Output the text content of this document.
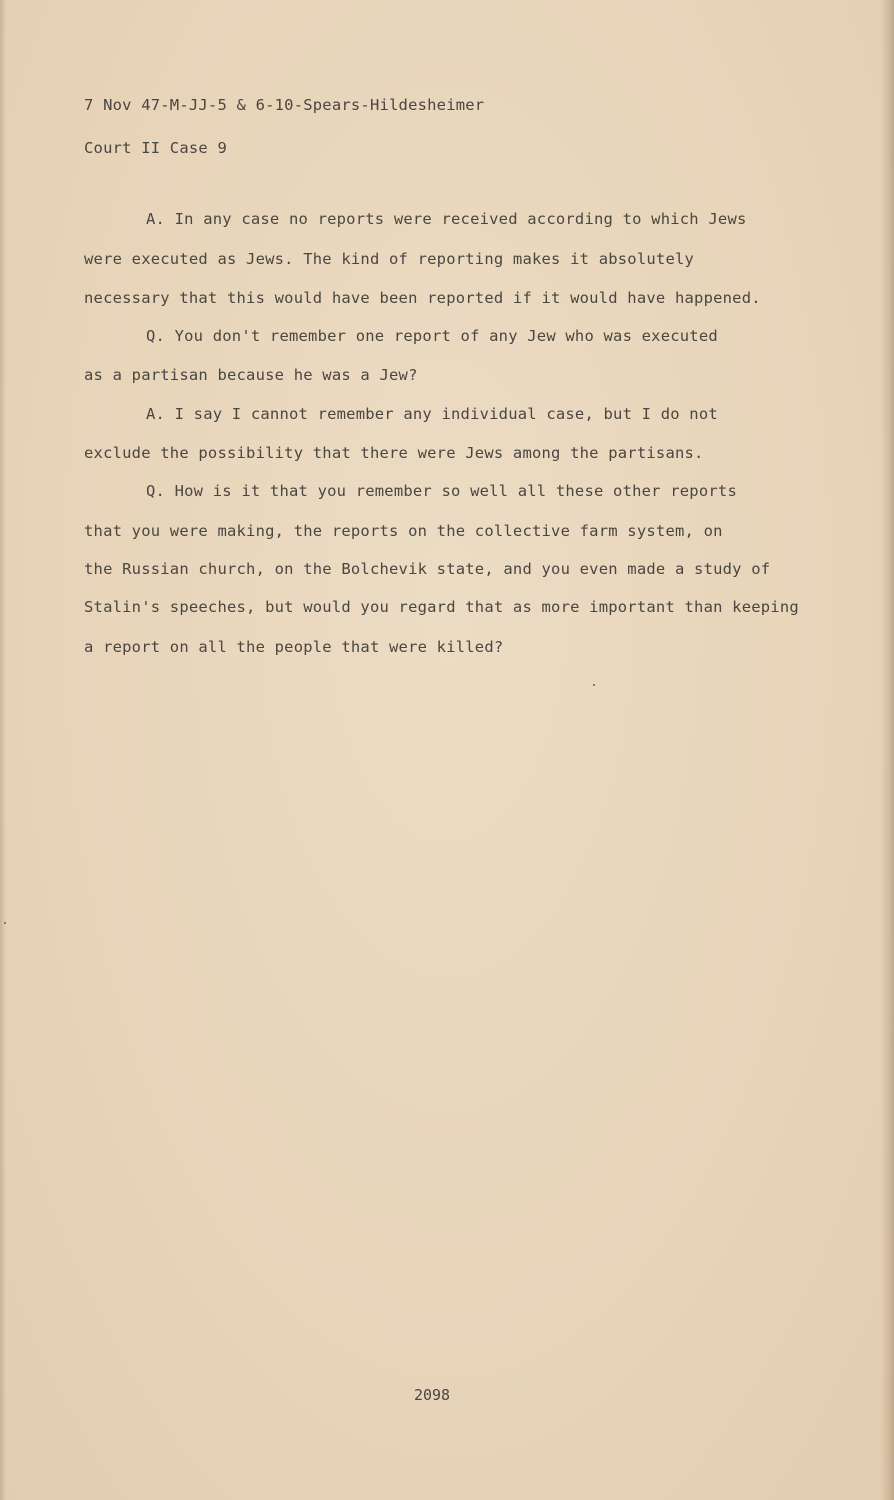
7 Nov 47-M-JJ-5 & 6-10-Spears-Hildesheimer
Court II Case 9
A. In any case no reports were received according to which Jews
were executed as Jews. The kind of reporting makes it absolutely
necessary that this would have been reported if it would have happened.
Q. You don't remember one report of any Jew who was executed
as a partisan because he was a Jew?
A. I say I cannot remember any individual case, but I do not
exclude the possibility that there were Jews among the partisans.
Q. How is it that you remember so well all these other reports
that you were making, the reports on the collective farm system, on
the Russian church, on the Bolchevik state, and you even made a study of
Stalin's speeches, but would you regard that as more important than keeping
a report on all the people that were killed?
2098
